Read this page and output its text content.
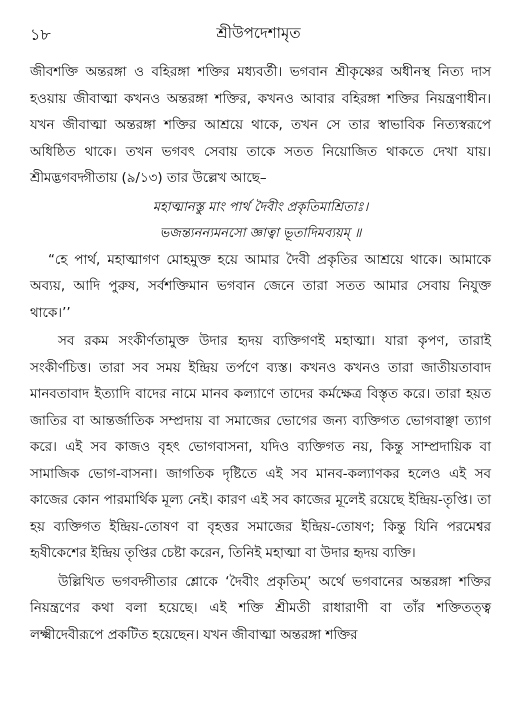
১৮	শ্রীউপদেশামৃত

জীবশক্তি অন্তরঙ্গা ও বহিরঙ্গা শক্তির মধ্যবর্তী। ভগবান শ্রীকৃষ্ণের অধীনস্থ নিত্য দাস হওয়ায় জীবাত্মা কখনও অন্তরঙ্গা শক্তির, কখনও আবার বহিরঙ্গা শক্তির নিয়ন্ত্রণাধীন। যখন জীবাত্মা অন্তরঙ্গা শক্তির আশ্রয়ে থাকে, তখন সে তার স্বাভাবিক নিত্যস্বরূপে অধিষ্ঠিত থাকে। তখন ভগবৎ সেবায় তাকে সতত নিয়োজিত থাকতে দেখা যায়। শ্রীমদ্ভগবদ্গীতায় (৯/১৩) তার উল্লেখ আছে–

মহাত্মানস্তু মাং পার্থ দৈবীং প্রকৃতিমাশ্রিতাঃ।

ভজন্ত্যনন্যমনসো জ্ঞাত্বা ভূতাদিমব্যয়ম্ ॥

“হে পার্থ, মহাত্মাগণ মোহমুক্ত হয়ে আমার দৈবী প্রকৃতির আশ্রয়ে থাকে। আমাকে অব্যয়, আদি পুরুষ, সর্বশক্তিমান ভগবান জেনে তারা সতত আমার সেবায় নিযুক্ত থাকে।’’

সব রকম সংকীর্ণতামুক্ত উদার হৃদয় ব্যক্তিগণই মহাত্মা। যারা কৃপণ, তারাই সংকীর্ণচিত্ত। তারা সব সময় ইন্দ্রিয় তর্পণে ব্যস্ত। কখনও কখনও তারা জাতীয়তাবাদ মানবতাবাদ ইত্যাদি বাদের নামে মানব কল্যাণে তাদের কর্মক্ষেত্র বিস্তৃত করে। তারা হয়ত জাতির বা আন্তর্জাতিক সম্প্রদায় বা সমাজের ভোগের জন্য ব্যক্তিগত ভোগবাঞ্ছা ত্যাগ করে। এই সব কাজও বৃহৎ ভোগবাসনা, যদিও ব্যক্তিগত নয়, কিন্তু সাম্প্রদায়িক বা সামাজিক ভোগ-বাসনা। জাগতিক দৃষ্টিতে এই সব মানব-কল্যাণকর হলেও এই সব কাজের কোন পারমার্থিক মূল্য নেই। কারণ এই সব কাজের মূলেই রয়েছে ইন্দ্রিয়-তৃপ্তি। তা হয় ব্যক্তিগত ইন্দ্রিয়-তোষণ বা বৃহত্তর সমাজের ইন্দ্রিয়-তোষণ; কিন্তু যিনি পরমেশ্বর হৃষীকেশের ইন্দ্রিয় তৃপ্তির চেষ্টা করেন, তিনিই মহাত্মা বা উদার হৃদয় ব্যক্তি।

উল্লিখিত ভগবদ্গীতার শ্লোকে ‘দৈবীং প্রকৃতিম্’ অর্থে ভগবানের অন্তরঙ্গা শক্তির নিয়ন্ত্রণের কথা বলা হয়েছে। এই শক্তি শ্রীমতী রাধারাণী বা তাঁর শক্তিতত্ত্ব লক্ষ্মীদেবীরূপে প্রকটিত হয়েছেন। যখন জীবাত্মা অন্তরঙ্গা শক্তির
